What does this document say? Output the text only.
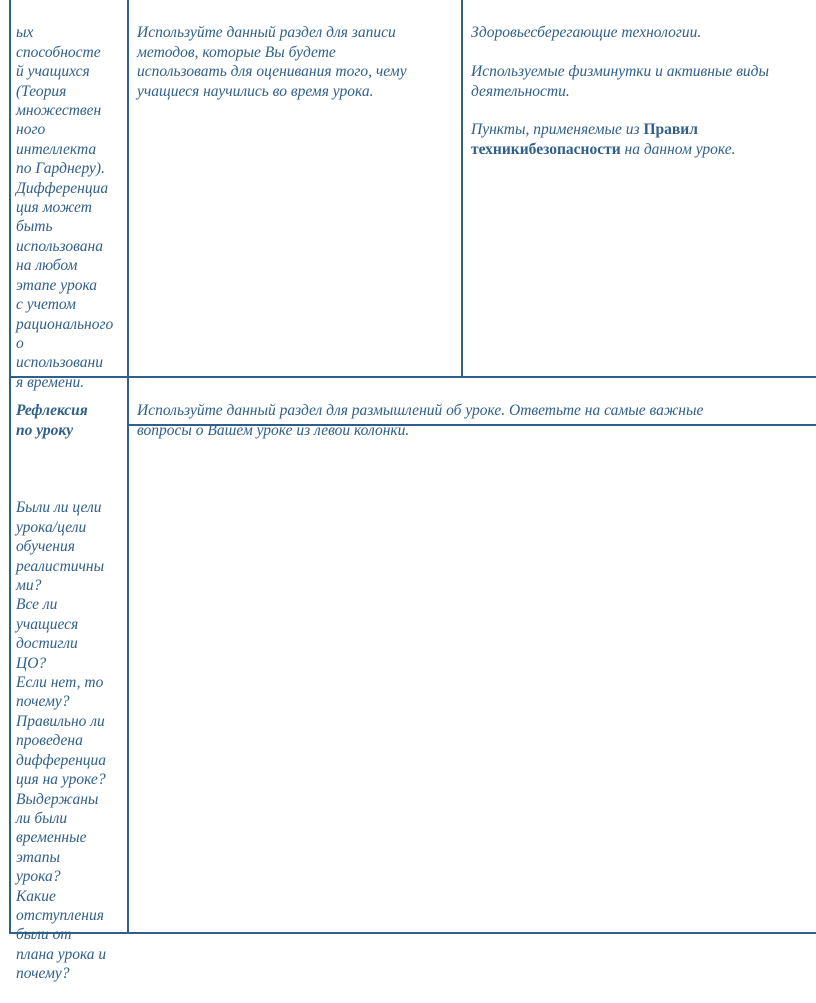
ых
способносте
й учащихся
(Теория
множествен
ного
интеллекта
по Гарднеру).
Дифференциа
ция может
быть
использована
на любом
этапе урока
с учетом
рационального
о
использовани
я времени.

Используйте данный раздел для записи
методов, которые Вы будете
использовать для оценивания того, чему
учащиеся научились во время урока.

Здоровьесберегающие технологии.

Используемые физминутки и активные виды
деятельности.

Пункты, применяемые из Правил
техникибезопасности на данном уроке.

Рефлексия
по уроку

Были ли цели
урока/цели
обучения
реалистичны
ми?
Все ли
учащиеся
достигли
ЦО?
Если нет, то
почему?
Правильно ли
проведена
дифференциа
ция на уроке?
Выдержаны
ли были
временные
этапы
урока?
Какие
отступления
были от
плана урока и
почему?

Используйте данный раздел для размышлений об уроке. Ответьте на самые важные
вопросы о Вашем уроке из левой колонки.
